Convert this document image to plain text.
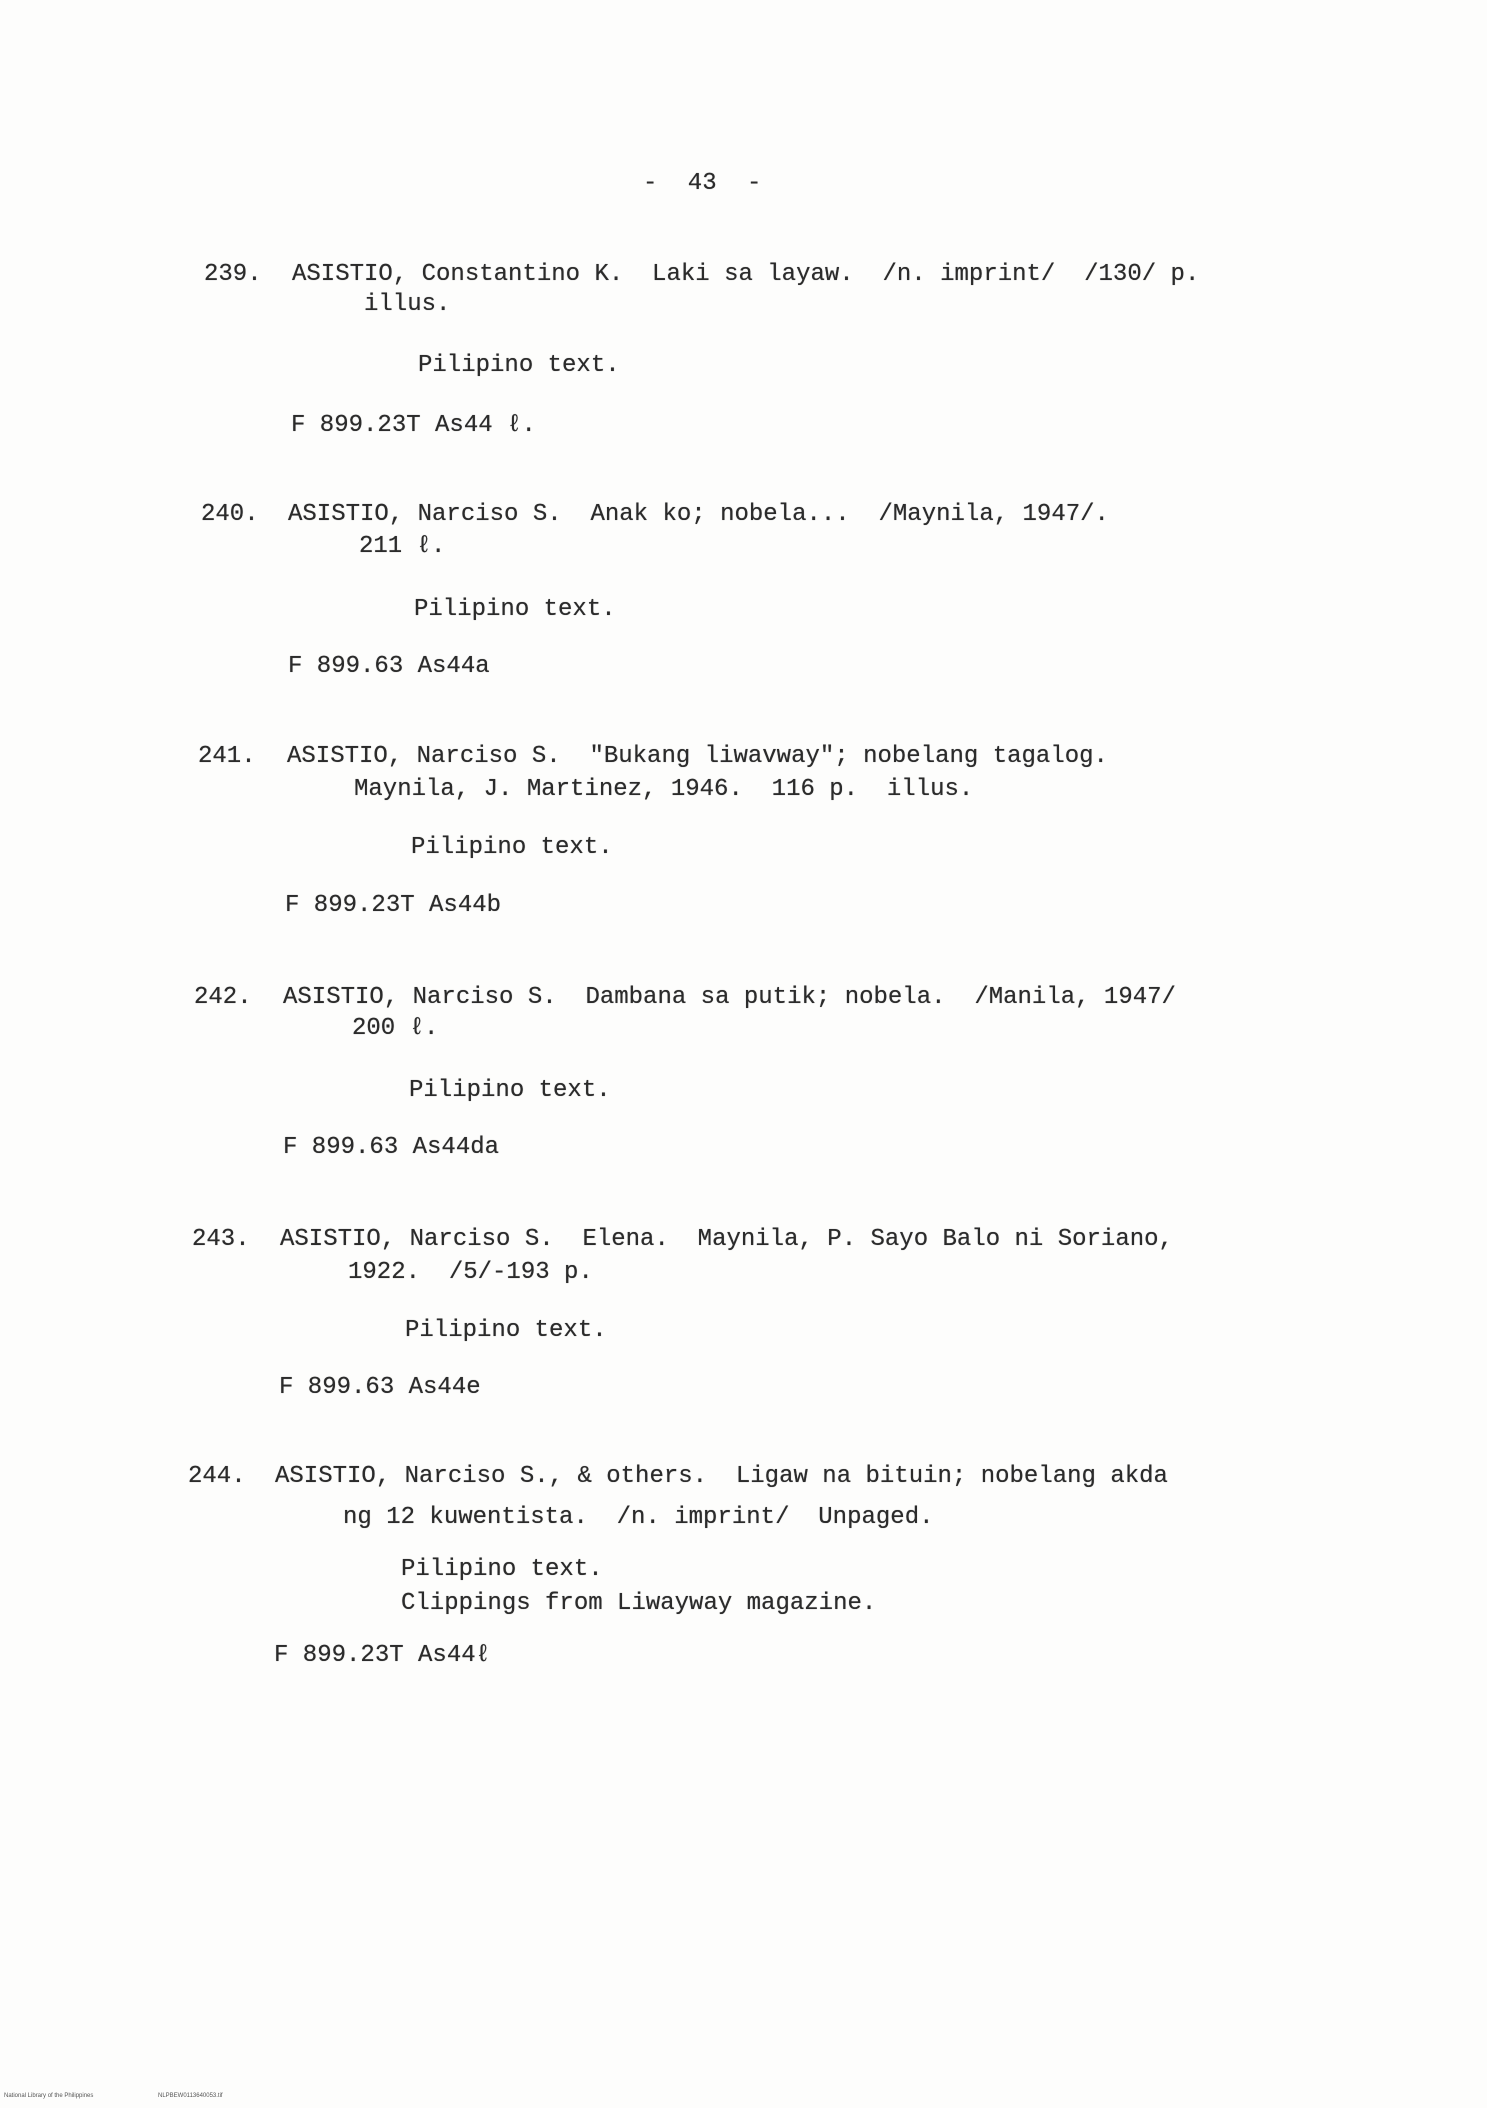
- 43 -
239. ASISTIO, Constantino K.  Laki sa layaw.  /n. imprint/  /130/ p.
illus.
Pilipino text.
F 899.23T As44 ℓ.
240. ASISTIO, Narciso S.  Anak ko; nobela...  /Maynila, 1947/.
211 ℓ.
Pilipino text.
F 899.63 As44a
241. ASISTIO, Narciso S.  "Bukang liwavway"; nobelang tagalog.
Maynila, J. Martinez, 1946.  116 p.  illus.
Pilipino text.
F 899.23T As44b
242. ASISTIO, Narciso S.  Dambana sa putik; nobela.  /Manila, 1947/
200 ℓ.
Pilipino text.
F 899.63 As44da
243. ASISTIO, Narciso S.  Elena.  Maynila, P. Sayo Balo ni Soriano,
1922.  /5/-193 p.
Pilipino text.
F 899.63 As44e
244. ASISTIO, Narciso S., & others.  Ligaw na bituin; nobelang akda
ng 12 kuwentista.  /n. imprint/  Unpaged.
Pilipino text.
Clippings from Liwayway magazine.
F 899.23T As44ℓ
National Library of the Philippines	NLPBEW0113640053.tif
